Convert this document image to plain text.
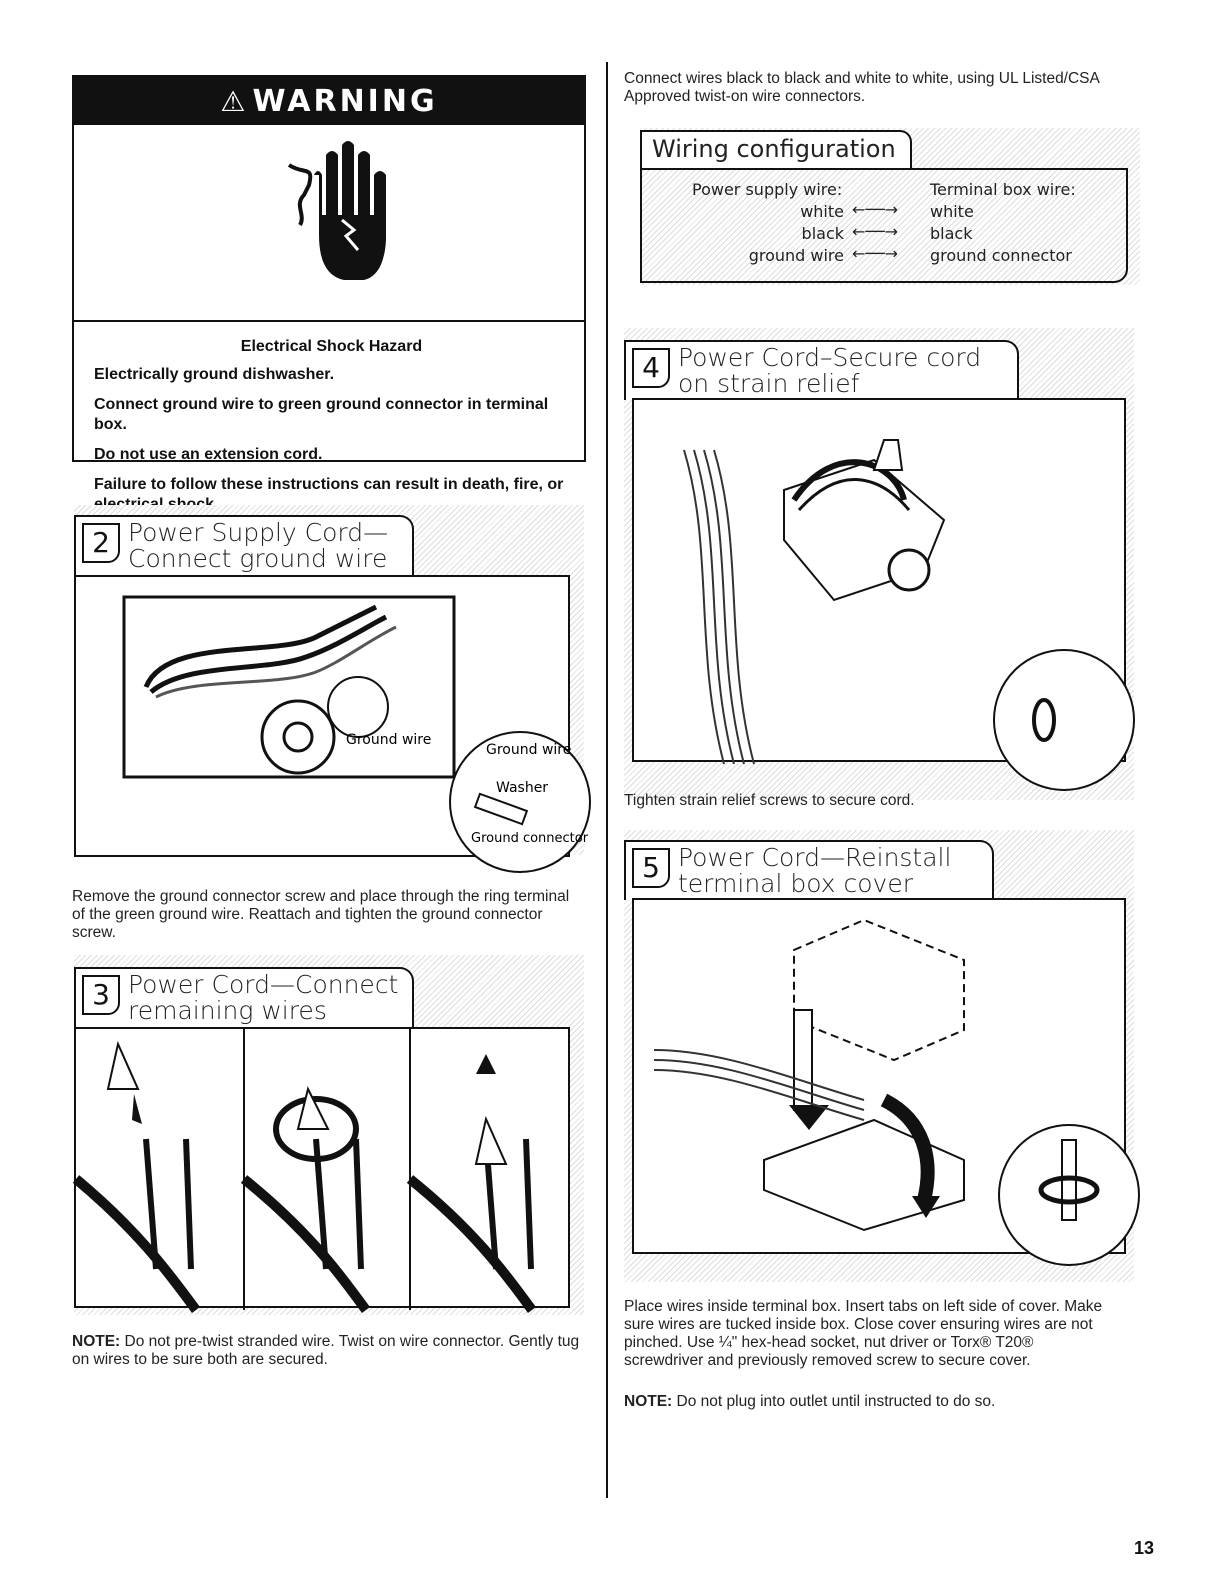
⚠ WARNING

Electrical Shock Hazard

Electrically ground dishwasher.

Connect ground wire to green ground connector in terminal box.

Do not use an extension cord.

Failure to follow these instructions can result in death, fire, or

2 Power Supply Cord—
Connect ground wire
Ground wire
Ground wire
Washer
Ground connector
Remove the ground connector screw and place through the ring terminal of the green ground wire. Reattach and tighten the ground connector screw.
3 Power Cord—Connect
remaining wires
NOTE: Do not pre-twist stranded wire. Twist on wire connector. Gently tug on wires to be sure both are secured.
Connect wires black to black and white to white, using UL Listed/CSA Approved twist-on wire connectors.
Wiring configuration
Power supply wire:	Terminal box wire:
white ←──→ white
black ←──→ black
ground wire ←──→ ground connector
4 Power Cord–Secure cord
on strain relief
Tighten strain relief screws to secure cord.
5 Power Cord—Reinstall
terminal box cover
Place wires inside terminal box. Insert tabs on left side of cover. Make sure wires are tucked inside box. Close cover ensuring wires are not pinched. Use ¼" hex-head socket, nut driver or Torx® T20® screwdriver and previously removed screw to secure cover.
NOTE: Do not plug into outlet until instructed to do so.
13
